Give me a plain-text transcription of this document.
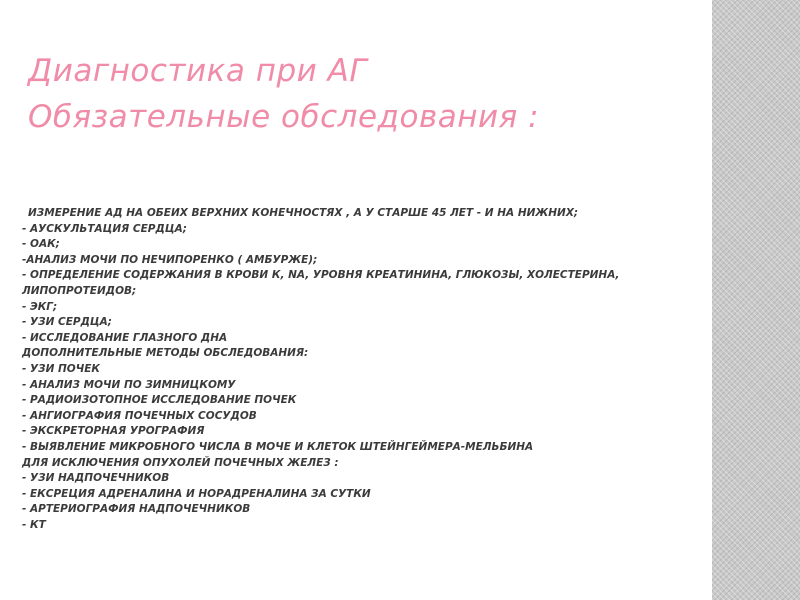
Диагностика при АГ
Обязательные обследования :
ИЗМЕРЕНИЕ АД НА ОБЕИХ ВЕРХНИХ КОНЕЧНОСТЯХ , А У СТАРШЕ 45 ЛЕТ - И НА НИЖНИХ;
- АУСКУЛЬТАЦИЯ СЕРДЦА;
- ОАК;
-АНАЛИЗ МОЧИ ПО НЕЧИПОРЕНКО ( АМБУРЖЕ);
- ОПРЕДЕЛЕНИЕ СОДЕРЖАНИЯ В КРОВИ К, NA, УРОВНЯ КРЕАТИНИНА, ГЛЮКОЗЫ, ХОЛЕСТЕРИНА,
ЛИПОПРОТЕИДОВ;
- ЭКГ;
- УЗИ СЕРДЦА;
- ИССЛЕДОВАНИЕ ГЛАЗНОГО ДНА
ДОПОЛНИТЕЛЬНЫЕ МЕТОДЫ ОБСЛЕДОВАНИЯ:
- УЗИ ПОЧЕК
- АНАЛИЗ МОЧИ ПО ЗИМНИЦКОМУ
- РАДИОИЗОТОПНОЕ ИССЛЕДОВАНИЕ ПОЧЕК
- АНГИОГРАФИЯ ПОЧЕЧНЫХ СОСУДОВ
- ЭКСКРЕТОРНАЯ УРОГРАФИЯ
- ВЫЯВЛЕНИЕ МИКРОБНОГО ЧИСЛА В МОЧЕ И КЛЕТОК ШТЕЙНГЕЙМЕРА-МЕЛЬБИНА
ДЛЯ ИСКЛЮЧЕНИЯ ОПУХОЛЕЙ ПОЧЕЧНЫХ ЖЕЛЕЗ :
- УЗИ НАДПОЧЕЧНИКОВ
- ЕКСРЕЦИЯ АДРЕНАЛИНА И НОРАДРЕНАЛИНА ЗА СУТКИ
- АРТЕРИОГРАФИЯ НАДПОЧЕЧНИКОВ
- КТ
